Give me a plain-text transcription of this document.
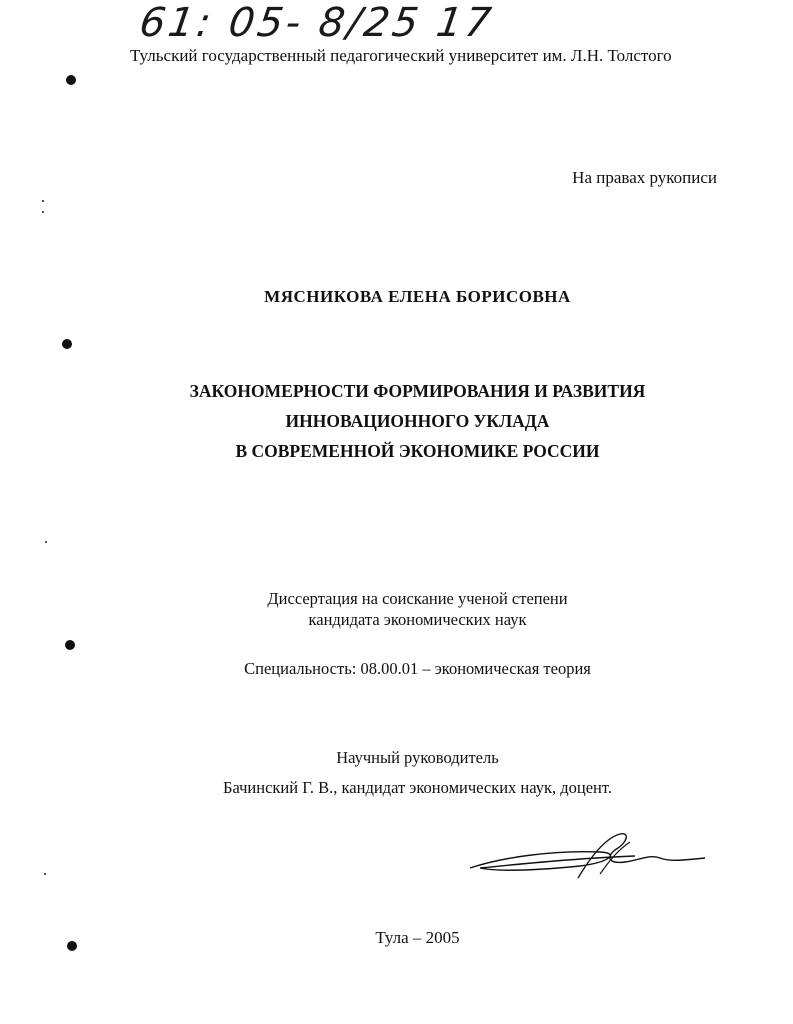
61: 05- 8/25 17
Тульский государственный педагогический университет им. Л.Н. Толстого
На правах рукописи
МЯСНИКОВА ЕЛЕНА БОРИСОВНА
ЗАКОНОМЕРНОСТИ ФОРМИРОВАНИЯ И РАЗВИТИЯ
ИННОВАЦИОННОГО УКЛАДА
В СОВРЕМЕННОЙ ЭКОНОМИКЕ РОССИИ
Диссертация на соискание ученой степени
кандидата экономических наук
Специальность: 08.00.01 – экономическая теория
Научный руководитель
Бачинский Г. В., кандидат экономических наук, доцент.
Тула – 2005
